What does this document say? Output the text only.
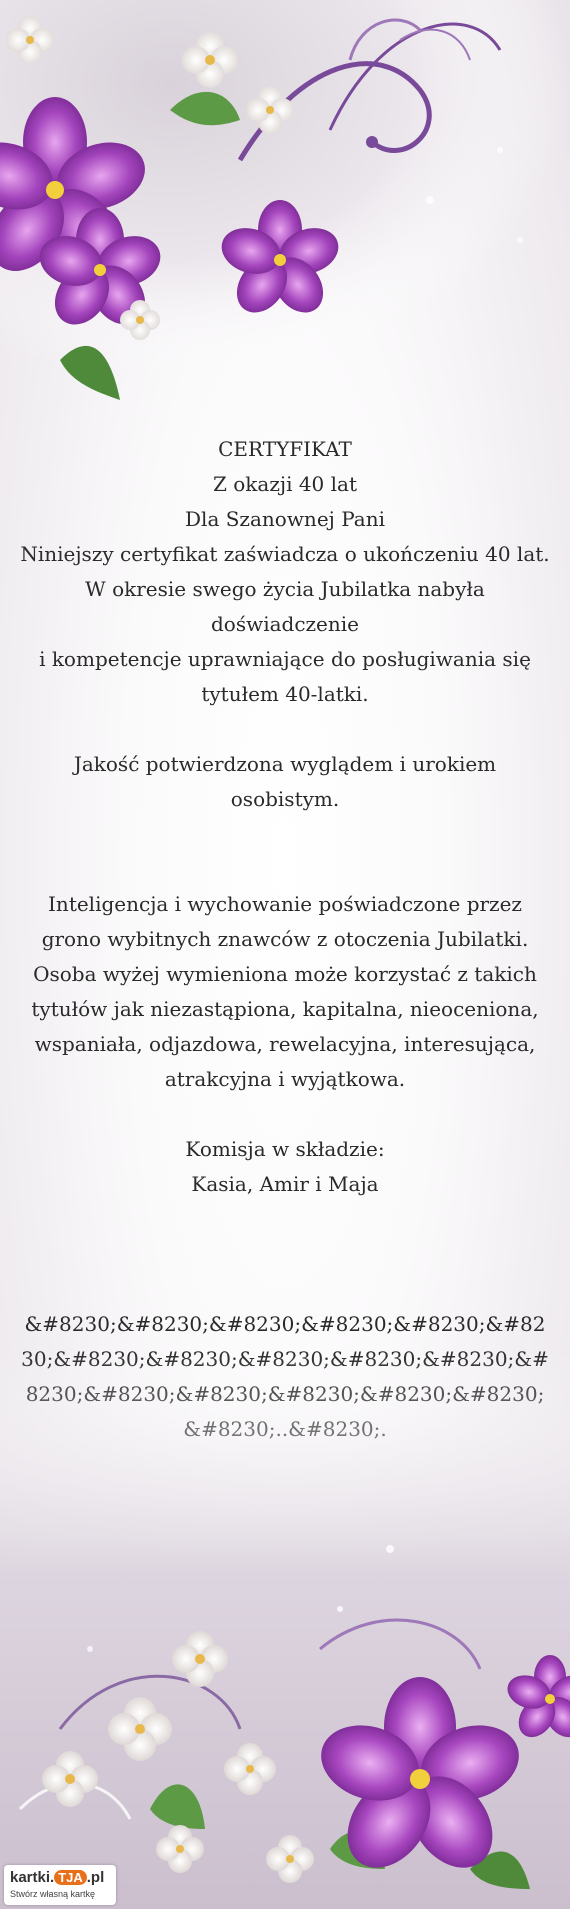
CERTYFIKAT

Z okazji 40 lat

Dla Szanownej Pani

Niniejszy certyfikat zaświadcza o ukończeniu 40 lat.

W okresie swego życia Jubilatka nabyła doświadczenie

i kompetencje uprawniające do posługiwania się tytułem 40-latki.

Jakość potwierdzona wyglądem i urokiem osobistym.

Inteligencja i wychowanie poświadczone przez grono wybitnych znawców z otoczenia Jubilatki.

Osoba wyżej wymieniona może korzystać z takich tytułów jak niezastąpiona, kapitalna, nieoceniona, wspaniała, odjazdowa, rewelacyjna, interesująca, atrakcyjna i wyjątkowa.

Komisja w składzie:

Kasia, Amir i Maja

&#8230;&#8230;&#8230;&#8230;&#8230;&#82

kartki. TJA .pl
Stwórz własną kartkę
